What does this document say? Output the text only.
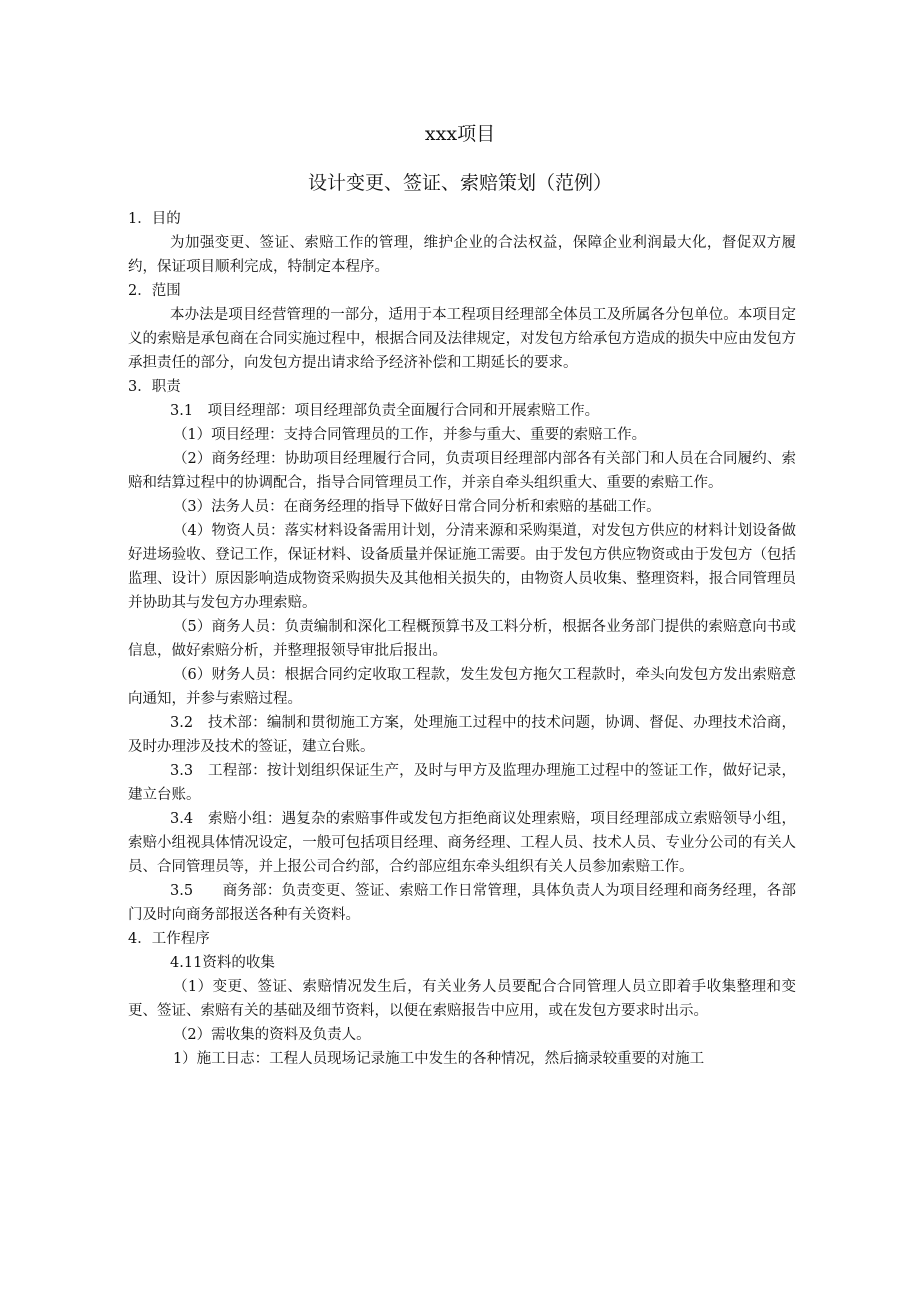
xxx项目
设计变更、签证、索赔策划（范例）

1．目的

为加强变更、签证、索赔工作的管理，维护企业的合法权益，保障企业利润最大化，督促双方履约，保证项目顺利完成，特制定本程序。

2．范围

本办法是项目经营管理的一部分，适用于本工程项目经理部全体员工及所属各分包单位。本项目定义的索赔是承包商在合同实施过程中，根据合同及法律规定，对发包方给承包方造成的损失中应由发包方承担责任的部分，向发包方提出请求给予经济补偿和工期延长的要求。

3．职责

3.1　项目经理部：项目经理部负责全面履行合同和开展索赔工作。

（1）项目经理：支持合同管理员的工作，并参与重大、重要的索赔工作。

（2）商务经理：协助项目经理履行合同，负责项目经理部内部各有关部门和人员在合同履约、索赔和结算过程中的协调配合，指导合同管理员工作，并亲自牵头组织重大、重要的索赔工作。

（3）法务人员：在商务经理的指导下做好日常合同分析和索赔的基础工作。

（4）物资人员：落实材料设备需用计划，分清来源和采购渠道，对发包方供应的材料计划设备做好进场验收、登记工作，保证材料、设备质量并保证施工需要。由于发包方供应物资或由于发包方（包括监理、设计）原因影响造成物资采购损失及其他相关损失的，由物资人员收集、整理资料，报合同管理员并协助其与发包方办理索赔。

（5）商务人员：负责编制和深化工程概预算书及工料分析，根据各业务部门提供的索赔意向书或信息，做好索赔分析，并整理报领导审批后报出。

（6）财务人员：根据合同约定收取工程款，发生发包方拖欠工程款时，牵头向发包方发出索赔意向通知，并参与索赔过程。

3.2　技术部：编制和贯彻施工方案，处理施工过程中的技术问题，协调、督促、办理技术洽商，及时办理涉及技术的签证，建立台账。

3.3　工程部：按计划组织保证生产，及时与甲方及监理办理施工过程中的签证工作，做好记录，建立台账。

3.4　索赔小组：遇复杂的索赔事件或发包方拒绝商议处理索赔，项目经理部成立索赔领导小组，索赔小组视具体情况设定，一般可包括项目经理、商务经理、工程人员、技术人员、专业分公司的有关人员、合同管理员等，并上报公司合约部，合约部应组东牵头组织有关人员参加索赔工作。

3.5　　商务部：负责变更、签证、索赔工作日常管理，具体负责人为项目经理和商务经理，各部门及时向商务部报送各种有关资料。

4．工作程序

4.11资料的收集

（1）变更、签证、索赔情况发生后，有关业务人员要配合合同管理人员立即着手收集整理和变更、签证、索赔有关的基础及细节资料，以便在索赔报告中应用，或在发包方要求时出示。

（2）需收集的资料及负责人。

1）施工日志：工程人员现场记录施工中发生的各种情况，然后摘录较重要的对施工
